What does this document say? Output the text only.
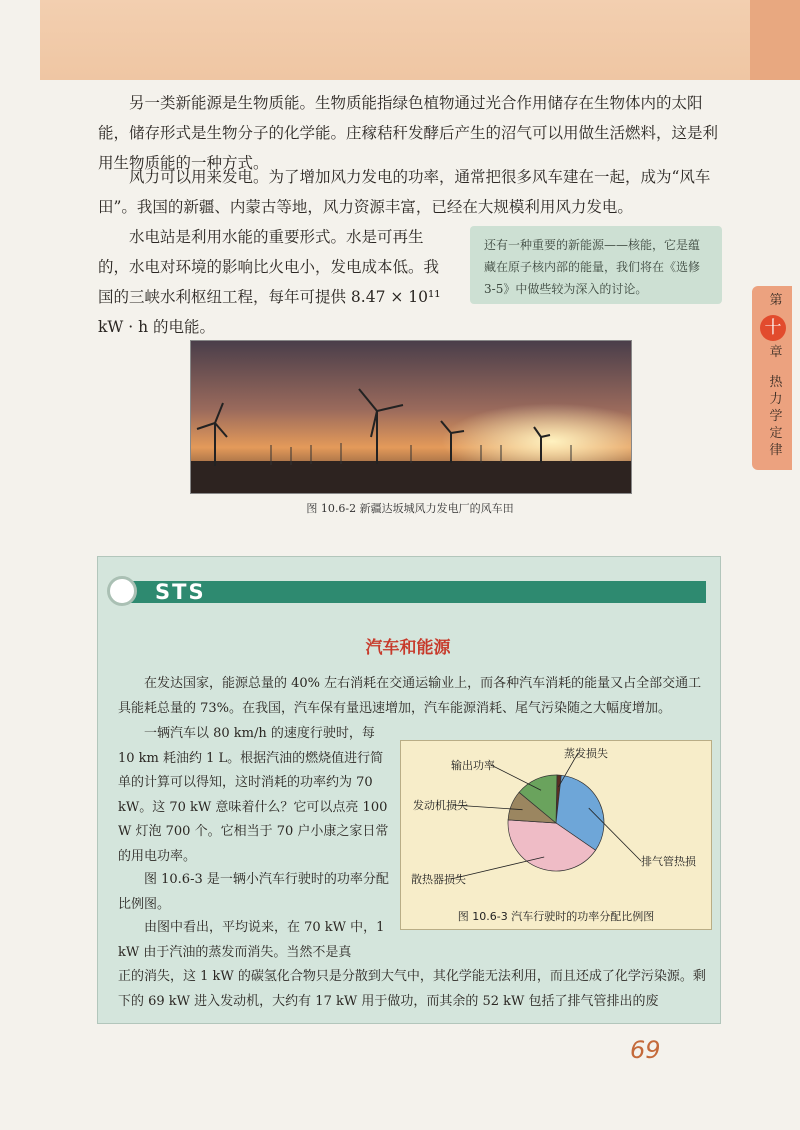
第
十
章
热力学定律

另一类新能源是生物质能。生物质能指绿色植物通过光合作用储存在生物体内的太阳能，储存形式是生物分子的化学能。庄稼秸秆发酵后产生的沼气可以用做生活燃料，这是利用生物质能的一种方式。

风力可以用来发电。为了增加风力发电的功率，通常把很多风车建在一起，成为“风车田”。我国的新疆、内蒙古等地，风力资源丰富，已经在大规模利用风力发电。

水电站是利用水能的重要形式。水是可再生的，水电对环境的影响比火电小，发电成本低。我国的三峡水利枢纽工程，每年可提供 8.47 × 10¹¹ kW · h 的电能。

还有一种重要的新能源——核能，它是蕴藏在原子核内部的能量，我们将在《选修 3-5》中做些较为深入的讨论。
图 10.6-2 新疆达坂城风力发电厂的风车田
STS
汽车和能源

在发达国家，能源总量的 40% 左右消耗在交通运输业上，而各种汽车消耗的能量又占全部交通工具能耗总量的 73%。在我国，汽车保有量迅速增加，汽车能源消耗、尾气污染随之大幅度增加。

一辆汽车以 80 km/h 的速度行驶时，每 10 km 耗油约 1 L。根据汽油的燃烧值进行简单的计算可以得知，这时消耗的功率约为 70 kW。这 70 kW 意味着什么？它可以点亮 100 W 灯泡 700 个。它相当于 70 户小康之家日常的用电功率。

图 10.6-3 是一辆小汽车行驶时的功率分配比例图。

由图中看出，平均说来，在 70 kW 中，1 kW 由于汽油的蒸发而消失。当然不是真

正的消失，这 1 kW 的碳氢化合物只是分散到大气中，其化学能无法利用，而且还成了化学污染源。剩下的 69 kW 进入发动机，大约有 17 kW 用于做功，而其余的 52 kW 包括了排气管排出的废

蒸发损失
排气管热损
散热器损失
发动机损失
输出功率
图 10.6-3 汽车行驶时的功率分配比例图
69
